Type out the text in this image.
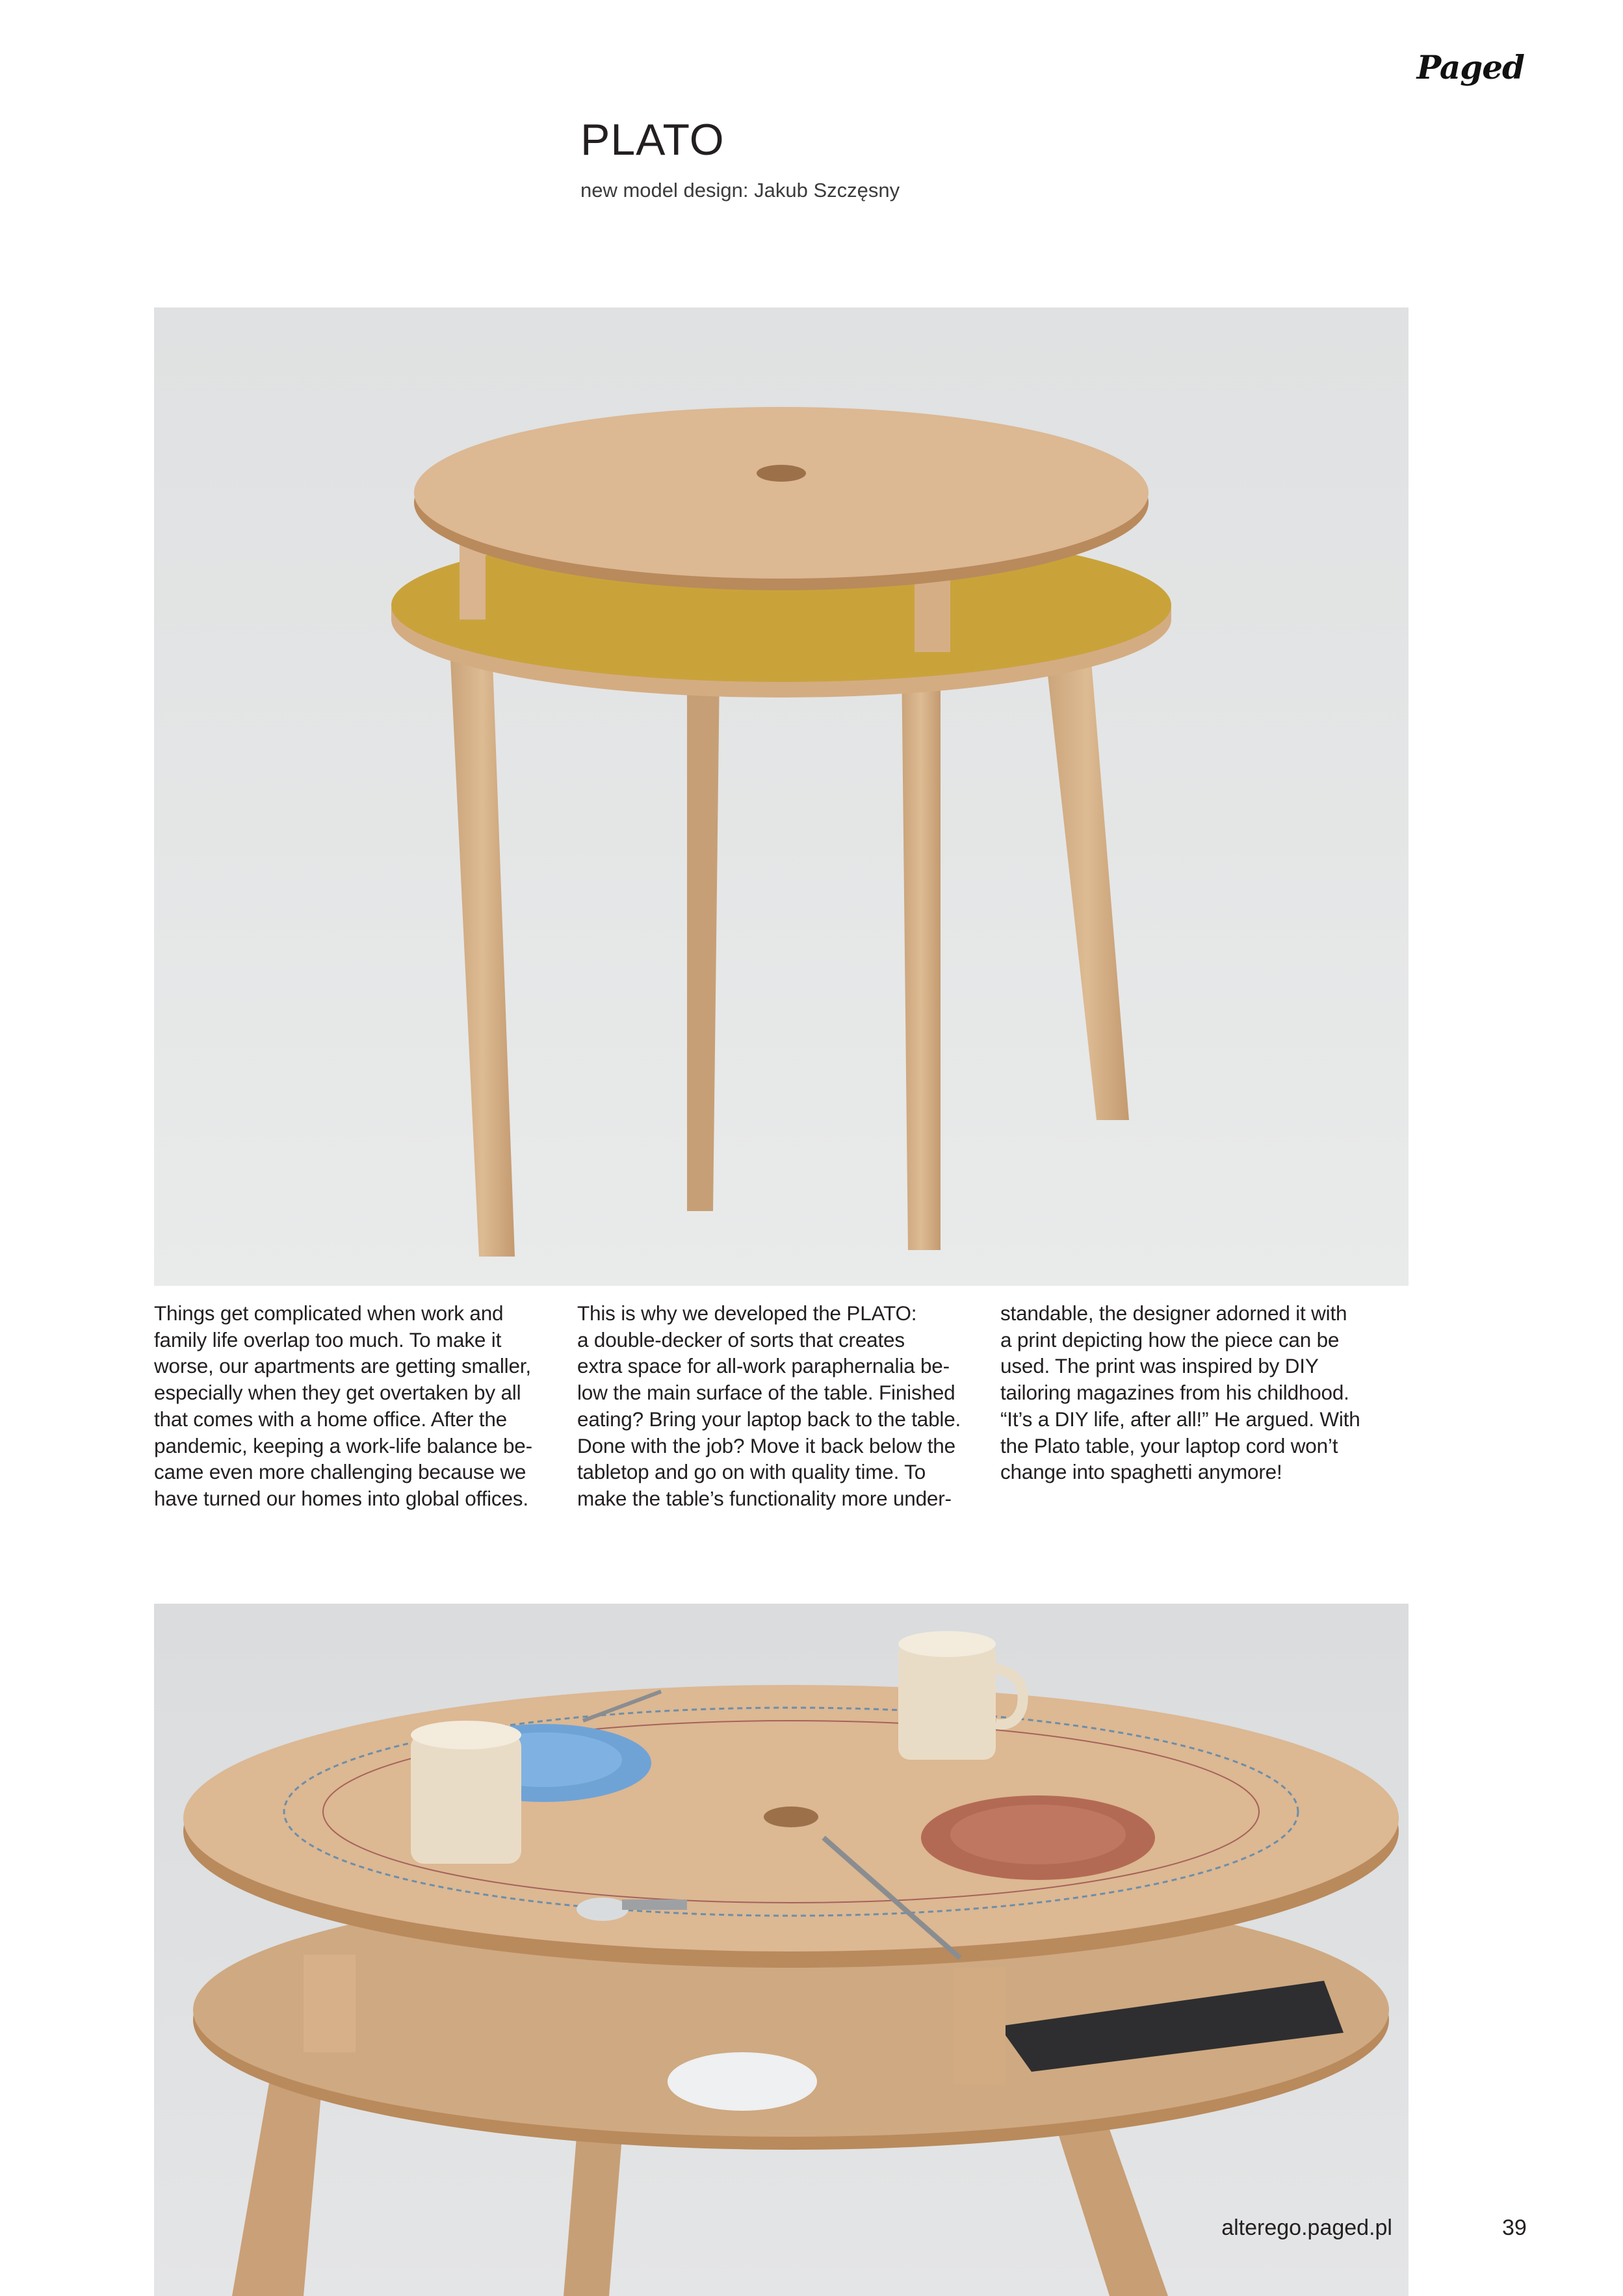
Paged
PLATO
new model design: Jakub Szczęsny
Things get complicated when work and
family life overlap too much. To make it
worse, our apartments are getting smaller,
especially when they get overtaken by all
that comes with a home office. After the
pandemic, keeping a work-life balance be-
came even more challenging because we
have turned our homes into global offices.
This is why we developed the PLATO:
a double-decker of sorts that creates
extra space for all-work paraphernalia be-
low the main surface of the table. Finished
eating? Bring your laptop back to the table.
Done with the job? Move it back below the
tabletop and go on with quality time. To
make the table’s functionality more under-
standable, the designer adorned it with
a print depicting how the piece can be
used. The print was inspired by DIY
tailoring magazines from his childhood.
“It’s a DIY life, after all!” He argued. With
the Plato table, your laptop cord won’t
change into spaghetti anymore!
alterego.paged.pl	39
